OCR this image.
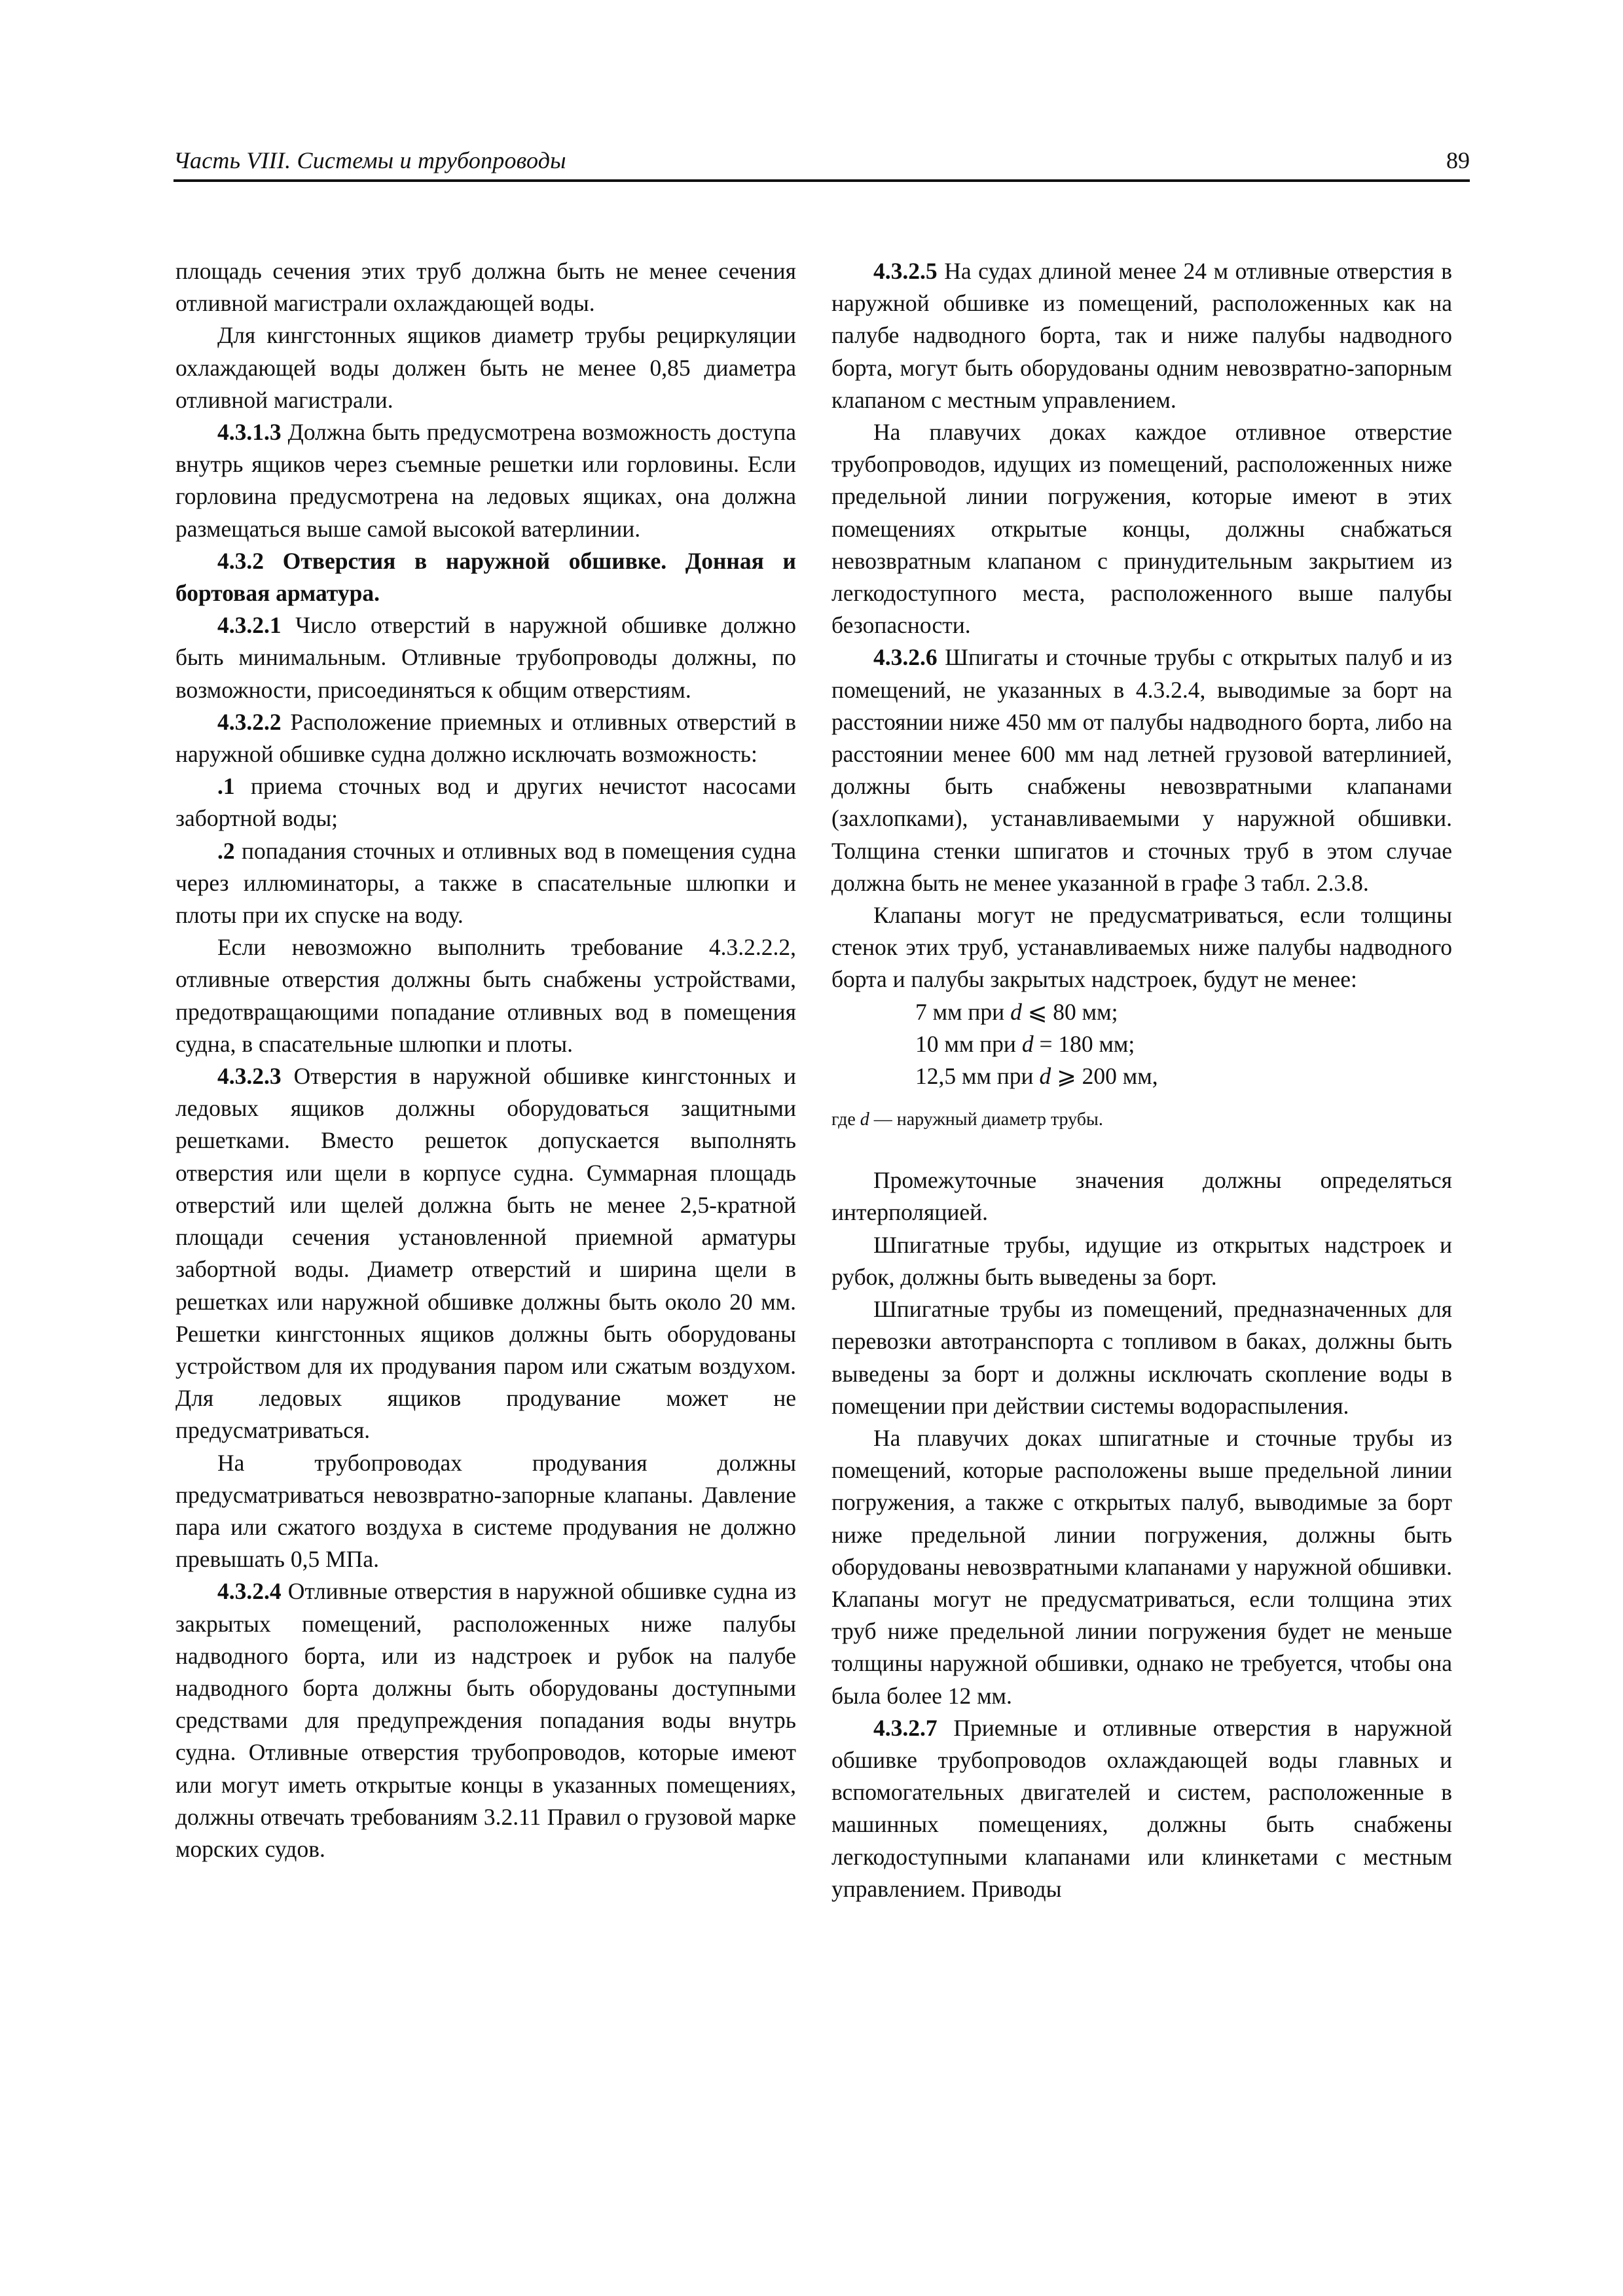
Часть VIII. Системы и трубопроводы	89

площадь сечения этих труб должна быть не менее сечения отливной магистрали охлаждающей воды.

Для кингстонных ящиков диаметр трубы рециркуляции охлаждающей воды должен быть не менее 0,85 диаметра отливной магистрали.

4.3.1.3 Должна быть предусмотрена возможность доступа внутрь ящиков через съемные решетки или горловины. Если горловина предусмотрена на ледовых ящиках, она должна размещаться выше самой высокой ватерлинии.

4.3.2 Отверстия в наружной обшивке. Донная и бортовая арматура.

4.3.2.1 Число отверстий в наружной обшивке должно быть минимальным. Отливные трубопроводы должны, по возможности, присоединяться к общим отверстиям.

4.3.2.2 Расположение приемных и отливных отверстий в наружной обшивке судна должно исключать возможность:

.1 приема сточных вод и других нечистот насосами забортной воды;

.2 попадания сточных и отливных вод в помещения судна через иллюминаторы, а также в спасательные шлюпки и плоты при их спуске на воду.

Если невозможно выполнить требование 4.3.2.2.2, отливные отверстия должны быть снабжены устройствами, предотвращающими попадание отливных вод в помещения судна, в спасательные шлюпки и плоты.

4.3.2.3 Отверстия в наружной обшивке кингстонных и ледовых ящиков должны оборудоваться защитными решетками. Вместо решеток допускается выполнять отверстия или щели в корпусе судна. Суммарная площадь отверстий или щелей должна быть не менее 2,5-кратной площади сечения установленной приемной арматуры забортной воды. Диаметр отверстий и ширина щели в решетках или наружной обшивке должны быть около 20 мм. Решетки кингстонных ящиков должны быть оборудованы устройством для их продувания паром или сжатым воздухом. Для ледовых ящиков продувание может не предусматриваться.

На трубопроводах продувания должны предусматриваться невозвратно-запорные клапаны. Давление пара или сжатого воздуха в системе продувания не должно превышать 0,5 МПа.

4.3.2.4 Отливные отверстия в наружной обшивке судна из закрытых помещений, расположенных ниже палубы надводного борта, или из надстроек и рубок на палубе надводного борта должны быть оборудованы доступными средствами для предупреждения попадания воды внутрь судна. Отливные отверстия трубопроводов, которые имеют или могут иметь открытые концы в указанных помещениях, должны отвечать требованиям 3.2.11 Правил о грузовой марке морских судов.

4.3.2.5 На судах длиной менее 24 м отливные отверстия в наружной обшивке из помещений, расположенных как на палубе надводного борта, так и ниже палубы надводного борта, могут быть оборудованы одним невозвратно-запорным клапаном с местным управлением.

На плавучих доках каждое отливное отверстие трубопроводов, идущих из помещений, расположенных ниже предельной линии погружения, которые имеют в этих помещениях открытые концы, должны снабжаться невозвратным клапаном с принудительным закрытием из легкодоступного места, расположенного выше палубы безопасности.

4.3.2.6 Шпигаты и сточные трубы с открытых палуб и из помещений, не указанных в 4.3.2.4, выводимые за борт на расстоянии ниже 450 мм от палубы надводного борта, либо на расстоянии менее 600 мм над летней грузовой ватерлинией, должны быть снабжены невозвратными клапанами (захлопками), устанавливаемыми у наружной обшивки. Толщина стенки шпигатов и сточных труб в этом случае должна быть не менее указанной в графе 3 табл. 2.3.8.

Клапаны могут не предусматриваться, если толщины стенок этих труб, устанавливаемых ниже палубы надводного борта и палубы закрытых надстроек, будут не менее:

7 мм при d ⩽ 80 мм;

10 мм при d = 180 мм;

12,5 мм при d ⩾ 200 мм,

где d — наружный диаметр трубы.

Промежуточные значения должны определяться интерполяцией.

Шпигатные трубы, идущие из открытых надстроек и рубок, должны быть выведены за борт.

Шпигатные трубы из помещений, предназначенных для перевозки автотранспорта с топливом в баках, должны быть выведены за борт и должны исключать скопление воды в помещении при действии системы водораспыления.

На плавучих доках шпигатные и сточные трубы из помещений, которые расположены выше предельной линии погружения, а также с открытых палуб, выводимые за борт ниже предельной линии погружения, должны быть оборудованы невозвратными клапанами у наружной обшивки. Клапаны могут не предусматриваться, если толщина этих труб ниже предельной линии погружения будет не меньше толщины наружной обшивки, однако не требуется, чтобы она была более 12 мм.

4.3.2.7 Приемные и отливные отверстия в наружной обшивке трубопроводов охлаждающей воды главных и вспомогательных двигателей и систем, расположенные в машинных помещениях, должны быть снабжены легкодоступными клапанами или клинкетами с местным управлением. Приводы
